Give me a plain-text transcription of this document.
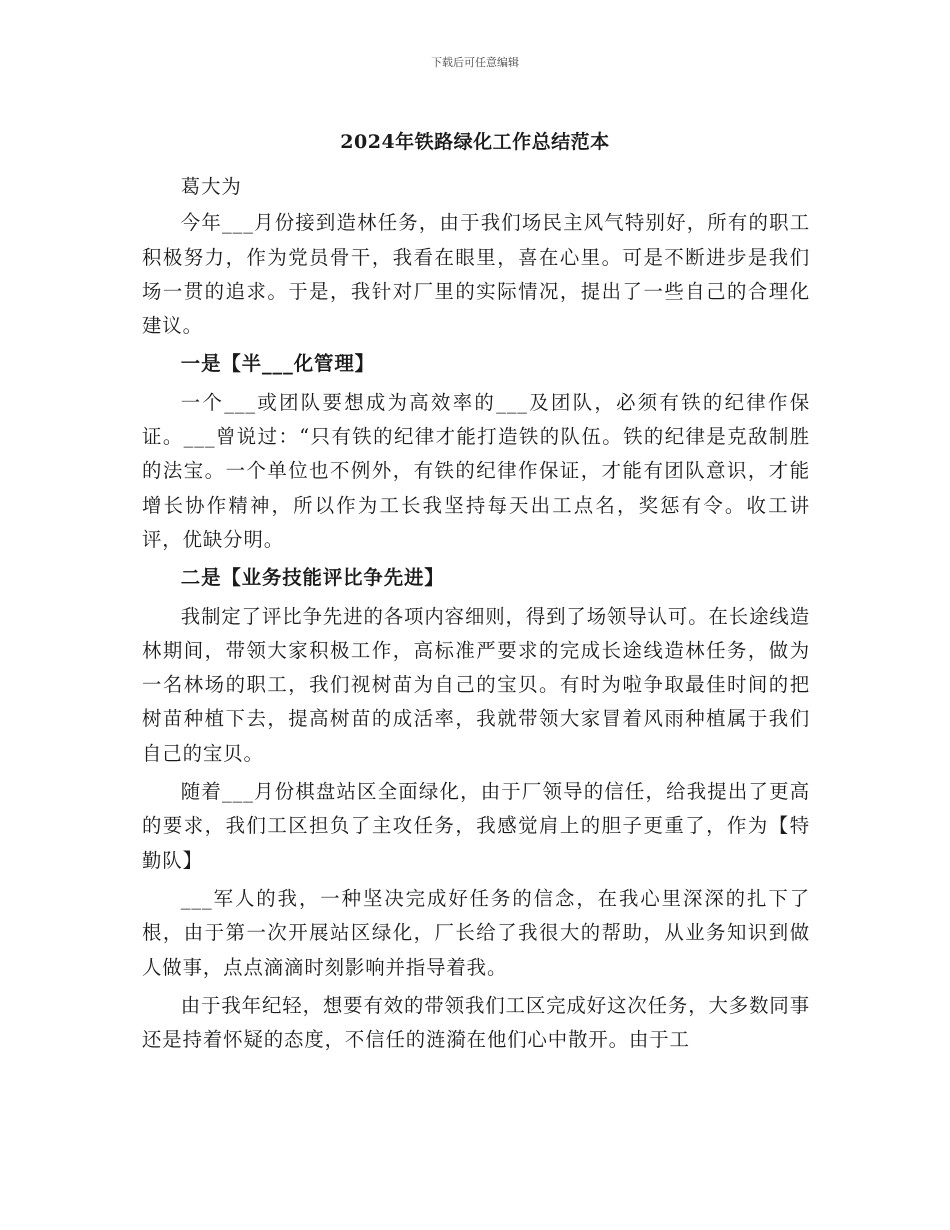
下载后可任意编辑
2024年铁路绿化工作总结范本

葛大为

今年___月份接到造林任务，由于我们场民主风气特别好，所有的职工积极努力，作为党员骨干，我看在眼里，喜在心里。可是不断进步是我们场一贯的追求。于是，我针对厂里的实际情况，提出了一些自己的合理化建议。

一是【半___化管理】

一个___或团队要想成为高效率的___及团队，必须有铁的纪律作保证。___曾说过：“只有铁的纪律才能打造铁的队伍。铁的纪律是克敌制胜的法宝。一个单位也不例外，有铁的纪律作保证，才能有团队意识，才能增长协作精神，所以作为工长我坚持每天出工点名，奖惩有令。收工讲评，优缺分明。

二是【业务技能评比争先进】

我制定了评比争先进的各项内容细则，得到了场领导认可。在长途线造林期间，带领大家积极工作，高标准严要求的完成长途线造林任务，做为一名林场的职工，我们视树苗为自己的宝贝。有时为啦争取最佳时间的把树苗种植下去，提高树苗的成活率，我就带领大家冒着风雨种植属于我们自己的宝贝。

随着___月份棋盘站区全面绿化，由于厂领导的信任，给我提出了更高的要求，我们工区担负了主攻任务，我感觉肩上的胆子更重了，作为【特勤队】

___军人的我，一种坚决完成好任务的信念，在我心里深深的扎下了根，由于第一次开展站区绿化，厂长给了我很大的帮助，从业务知识到做人做事，点点滴滴时刻影响并指导着我。

由于我年纪轻，想要有效的带领我们工区完成好这次任务，大多数同事还是持着怀疑的态度，不信任的涟漪在他们心中散开。由于工
